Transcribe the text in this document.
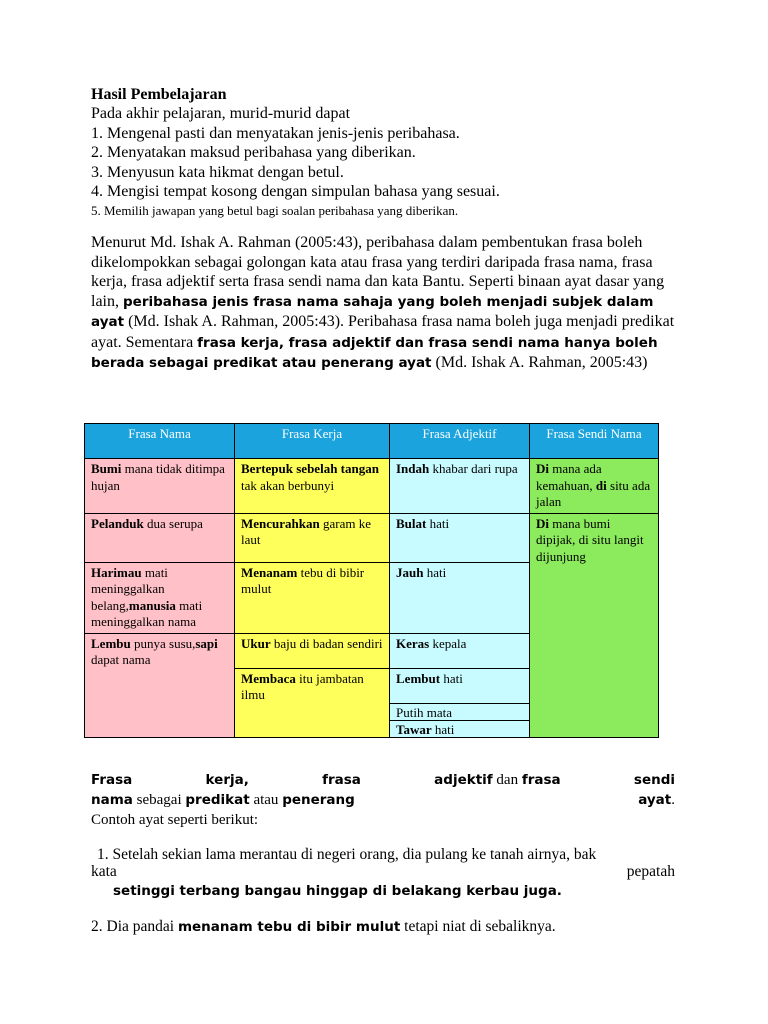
Hasil Pembelajaran
Pada akhir pelajaran, murid-murid dapat
1. Mengenal pasti dan menyatakan jenis-jenis peribahasa.
2. Menyatakan maksud peribahasa yang diberikan.
3. Menyusun kata hikmat dengan betul.
4. Mengisi tempat kosong dengan simpulan bahasa yang sesuai.
5. Memilih jawapan yang betul bagi soalan peribahasa yang diberikan.
Menurut Md. Ishak A. Rahman (2005:43), peribahasa dalam pembentukan frasa boleh dikelompokkan sebagai golongan kata atau frasa yang terdiri daripada frasa nama, frasa kerja, frasa adjektif serta frasa sendi nama dan kata Bantu. Seperti binaan ayat dasar yang lain, peribahasa jenis frasa nama sahaja yang boleh menjadi subjek dalam ayat (Md. Ishak A. Rahman, 2005:43). Peribahasa frasa nama boleh juga menjadi predikat ayat. Sementara frasa kerja, frasa adjektif dan frasa sendi nama hanya boleh berada sebagai predikat atau penerang ayat (Md. Ishak A. Rahman, 2005:43)
Frasa Nama	Frasa Kerja	Frasa Adjektif	Frasa Sendi Nama	
Bumi mana tidak ditimpa hujan	Bertepuk sebelah tangan tak akan berbunyi	Indah khabar dari rupa	Di mana ada kemahuan, di situ ada jalan	
Pelanduk dua serupa	Mencurahkan garam ke laut	Bulat hati	Di mana bumi dipijak, di situ langit dijunjung	
Harimau mati meninggalkan belang,manusia mati meninggalkan nama	Menanam tebu di bibir mulut	Jauh hati		
Lembu punya susu,sapi dapat nama	Ukur baju di badan sendiri	Keras kepala		
	Membaca itu jambatan ilmu	Lembut hati		
		Putih mata		
		Tawar hati		
Frasa	kerja,	frasa	adjektif dan frasa	sendi
nama sebagai predikat atau penerang	ayat.
Contoh ayat seperti berikut:
1. Setelah sekian lama merantau di negeri orang, dia pulang ke tanah airnya, bak
kata	pepatah
setinggi terbang bangau hinggap di belakang kerbau juga.
2. Dia pandai menanam tebu di bibir mulut tetapi niat di sebaliknya.
